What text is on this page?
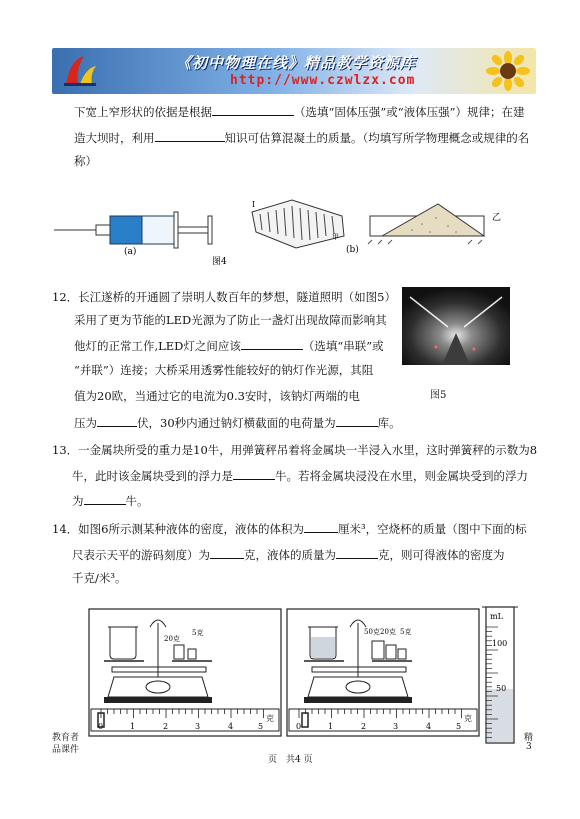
《初中物理在线》精品教学资源库
http://www.czwlzx.com
下宽上窄形状的依据是根据	（选填“固体压强”或“液体压强”）规律；在建
造大坝时，利用	知识可估算混凝土的质量。（均填写所学物理概念或规律的名
称）
(a)
I
甲
(b)
图4
乙
12．长江遂桥的开通圆了崇明人数百年的梦想，隧道照明（如图5）
采用了更为节能的LED光源为了防止一盏灯出现故障而影响其
他灯的正常工作,LED灯之间应该	（选填“串联”或
“并联”）连接；大桥采用透雾性能较好的钠灯作光源，其阻
值为20欧，当通过它的电流为0.3安时，该钠灯两端的电
压为	伏，30秒内通过钠灯横截面的电荷量为	库。
图5
13．一金属块所受的重力是10牛，用弹簧秤吊着将金属块一半浸入水里，这时弹簧秤的示数为8
牛，此时该金属块受到的浮力是	牛。若将金属块浸没在水里，则金属块受到的浮力
为	牛。
14．如图6所示测某种液体的密度，液体的体积为	厘米³，空烧杯的质量（图中下面的标
尺表示天平的游码刻度）为	克，液体的质量为	克，则可得液体的密度为
千克/米³。
20克
5克	50克 20克 5克
0	1	2	3	4	5
克
0	1	2	3	4	5
克
mL
100
50
教育者
品课件
页　共4 页
精
3
